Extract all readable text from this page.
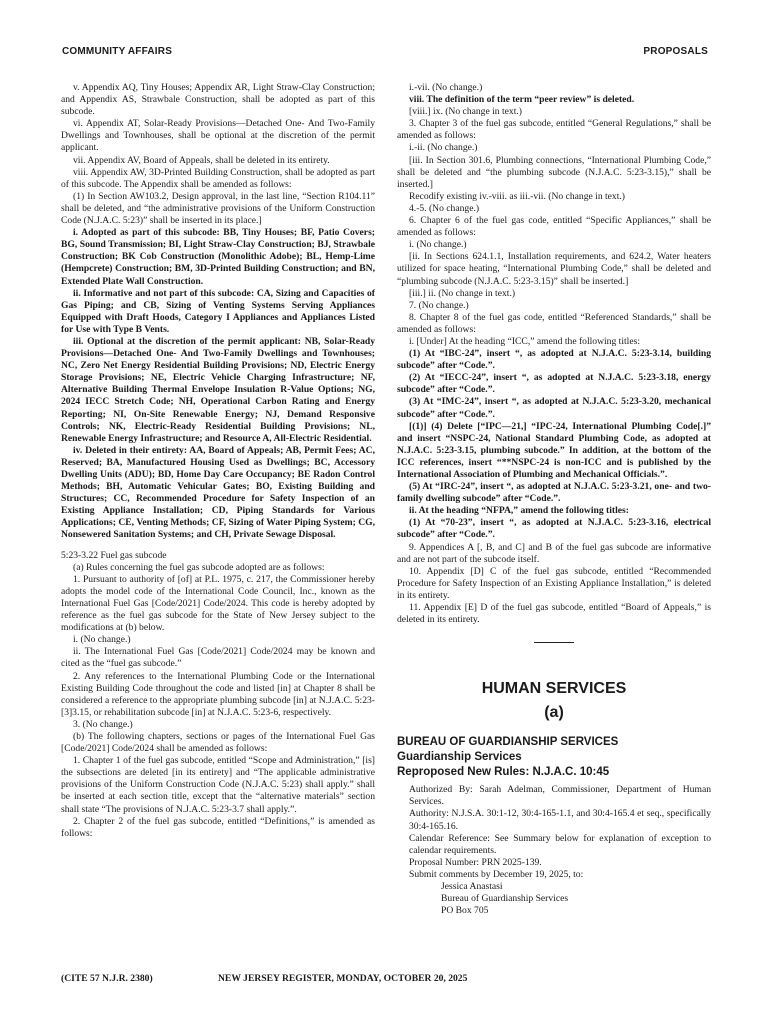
COMMUNITY AFFAIRS	PROPOSALS

v. Appendix AQ, Tiny Houses; Appendix AR, Light Straw-Clay Construction; and Appendix AS, Strawbale Construction, shall be adopted as part of this subcode.

vi. Appendix AT, Solar-Ready Provisions—Detached One- And Two-Family Dwellings and Townhouses, shall be optional at the discretion of the permit applicant.

vii. Appendix AV, Board of Appeals, shall be deleted in its entirety.

viii. Appendix AW, 3D-Printed Building Construction, shall be adopted as part of this subcode. The Appendix shall be amended as follows:

(1) In Section AW103.2, Design approval, in the last line, “Section R104.11” shall be deleted, and “the administrative provisions of the Uniform Construction Code (N.J.A.C. 5:23)” shall be inserted in its place.]

i. Adopted as part of this subcode: BB, Tiny Houses; BF, Patio Covers; BG, Sound Transmission; BI, Light Straw-Clay Construction; BJ, Strawbale Construction; BK Cob Construction (Monolithic Adobe); BL, Hemp-Lime (Hempcrete) Construction; BM, 3D-Printed Building Construction; and BN, Extended Plate Wall Construction.

ii. Informative and not part of this subcode: CA, Sizing and Capacities of Gas Piping; and CB, Sizing of Venting Systems Serving Appliances Equipped with Draft Hoods, Category I Appliances and Appliances Listed for Use with Type B Vents.

iii. Optional at the discretion of the permit applicant: NB, Solar-Ready Provisions—Detached One- And Two-Family Dwellings and Townhouses; NC, Zero Net Energy Residential Building Provisions; ND, Electric Energy Storage Provisions; NE, Electric Vehicle Charging Infrastructure; NF, Alternative Building Thermal Envelope Insulation R-Value Options; NG, 2024 IECC Stretch Code; NH, Operational Carbon Rating and Energy Reporting; NI, On-Site Renewable Energy; NJ, Demand Responsive Controls; NK, Electric-Ready Residential Building Provisions; NL, Renewable Energy Infrastructure; and Resource A, All-Electric Residential.

iv. Deleted in their entirety: AA, Board of Appeals; AB, Permit Fees; AC, Reserved; BA, Manufactured Housing Used as Dwellings; BC, Accessory Dwelling Units (ADU); BD, Home Day Care Occupancy; BE Radon Control Methods; BH, Automatic Vehicular Gates; BO, Existing Building and Structures; CC, Recommended Procedure for Safety Inspection of an Existing Appliance Installation; CD, Piping Standards for Various Applications; CE, Venting Methods; CF, Sizing of Water Piping System; CG, Nonsewered Sanitation Systems; and CH, Private Sewage Disposal.

5:23-3.22 Fuel gas subcode

(a) Rules concerning the fuel gas subcode adopted are as follows:

1. Pursuant to authority of [of] at P.L. 1975, c. 217, the Commissioner hereby adopts the model code of the International Code Council, Inc., known as the International Fuel Gas [Code/2021] Code/2024. This code is hereby adopted by reference as the fuel gas subcode for the State of New Jersey subject to the modifications at (b) below.

i. (No change.)

ii. The International Fuel Gas [Code/2021] Code/2024 may be known and cited as the “fuel gas subcode.”

2. Any references to the International Plumbing Code or the International Existing Building Code throughout the code and listed [in] at Chapter 8 shall be considered a reference to the appropriate plumbing subcode [in] at N.J.A.C. 5:23-[3]3.15, or rehabilitation subcode [in] at N.J.A.C. 5:23-6, respectively.

3. (No change.)

(b) The following chapters, sections or pages of the International Fuel Gas [Code/2021] Code/2024 shall be amended as follows:

1. Chapter 1 of the fuel gas subcode, entitled “Scope and Administration,” [is] the subsections are deleted [in its entirety] and “The applicable administrative provisions of the Uniform Construction Code (N.J.A.C. 5:23) shall apply.” shall be inserted at each section title, except that the “alternative materials” section shall state “The provisions of N.J.A.C. 5:23-3.7 shall apply.”.

2. Chapter 2 of the fuel gas subcode, entitled “Definitions,” is amended as follows:

i.-vii. (No change.)

viii. The definition of the term “peer review” is deleted.

[viii.] ix. (No change in text.)

3. Chapter 3 of the fuel gas subcode, entitled “General Regulations,” shall be amended as follows:

i.-ii. (No change.)

[iii. In Section 301.6, Plumbing connections, “International Plumbing Code,” shall be deleted and “the plumbing subcode (N.J.A.C. 5:23-3.15),” shall be inserted.]

Recodify existing iv.-viii. as iii.-vii. (No change in text.)

4.-5. (No change.)

6. Chapter 6 of the fuel gas code, entitled “Specific Appliances,” shall be amended as follows:

i. (No change.)

[ii. In Sections 624.1.1, Installation requirements, and 624.2, Water heaters utilized for space heating, “International Plumbing Code,” shall be deleted and “plumbing subcode (N.J.A.C. 5:23-3.15)” shall be inserted.]

[iii.] ii. (No change in text.)

7. (No change.)

8. Chapter 8 of the fuel gas code, entitled “Referenced Standards,” shall be amended as follows:

i. [Under] At the heading “ICC,” amend the following titles:

(1) At “IBC-24”, insert “, as adopted at N.J.A.C. 5:23-3.14, building subcode” after “Code.”.

(2) At “IECC-24”, insert “, as adopted at N.J.A.C. 5:23-3.18, energy subcode” after “Code.”.

(3) At “IMC-24”, insert “, as adopted at N.J.A.C. 5:23-3.20, mechanical subcode” after “Code.”.

[(1)] (4) Delete [“IPC—21,] “IPC-24, International Plumbing Code[.]” and insert “NSPC-24, National Standard Plumbing Code, as adopted at N.J.A.C. 5:23-3.15, plumbing subcode.” In addition, at the bottom of the ICC references, insert “**NSPC-24 is non-ICC and is published by the International Association of Plumbing and Mechanical Officials.”.

(5) At “IRC-24”, insert “, as adopted at N.J.A.C. 5:23-3.21, one- and two-family dwelling subcode” after “Code.”.

ii. At the heading “NFPA,” amend the following titles:

(1) At “70-23”, insert “, as adopted at N.J.A.C. 5:23-3.16, electrical subcode” after “Code.”.

9. Appendices A [, B, and C] and B of the fuel gas subcode are informative and are not part of the subcode itself.

10. Appendix [D] C of the fuel gas subcode, entitled “Recommended Procedure for Safety Inspection of an Existing Appliance Installation,” is deleted in its entirety.

11. Appendix [E] D of the fuel gas subcode, entitled “Board of Appeals,” is deleted in its entirety.

HUMAN SERVICES

(a)

BUREAU OF GUARDIANSHIP SERVICES

Guardianship Services

Reproposed New Rules: N.J.A.C. 10:45

Authorized By: Sarah Adelman, Commissioner, Department of Human Services.

Authority: N.J.S.A. 30:1-12, 30:4-165-1.1, and 30:4-165.4 et seq., specifically 30:4-165.16.

Calendar Reference: See Summary below for explanation of exception to calendar requirements.

Proposal Number: PRN 2025-139.

Submit comments by December 19, 2025, to:

Jessica Anastasi

Bureau of Guardianship Services

PO Box 705

(CITE 57 N.J.R. 2380)	NEW JERSEY REGISTER, MONDAY, OCTOBER 20, 2025
